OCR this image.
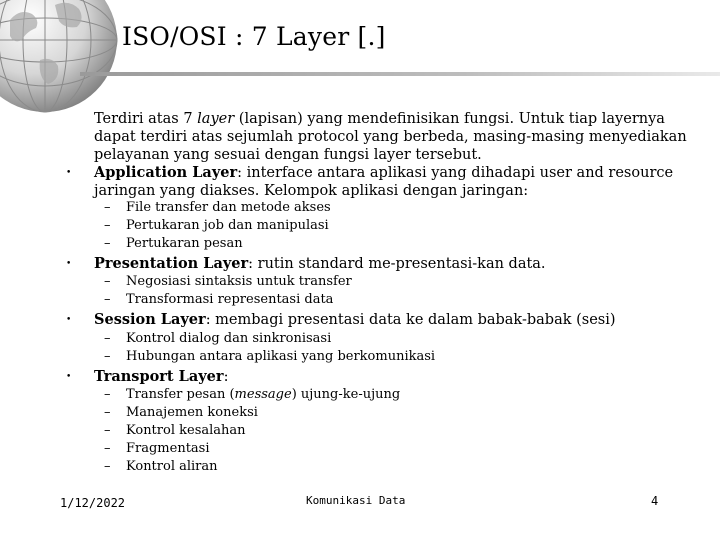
ISO/OSI : 7 Layer [.]
Terdiri atas 7 layer (lapisan) yang mendefinisikan fungsi. Untuk tiap layernya dapat terdiri atas sejumlah protocol yang berbeda, masing-masing menyediakan pelayanan yang sesuai dengan fungsi layer tersebut.
• Application Layer: interface antara aplikasi yang dihadapi user and resource jaringan yang diakses. Kelompok aplikasi dengan jaringan:
– File transfer dan metode akses
– Pertukaran job dan manipulasi
– Pertukaran pesan
• Presentation Layer: rutin standard me-presentasi-kan data.
– Negosiasi sintaksis untuk transfer
– Transformasi representasi data
• Session Layer: membagi presentasi data ke dalam babak-babak (sesi)
– Kontrol dialog dan sinkronisasi
– Hubungan antara aplikasi yang berkomunikasi
• Transport Layer:
– Transfer pesan (message) ujung-ke-ujung
– Manajemen koneksi
– Kontrol kesalahan
– Fragmentasi
– Kontrol aliran
1/12/2022	Komunikasi Data	4
